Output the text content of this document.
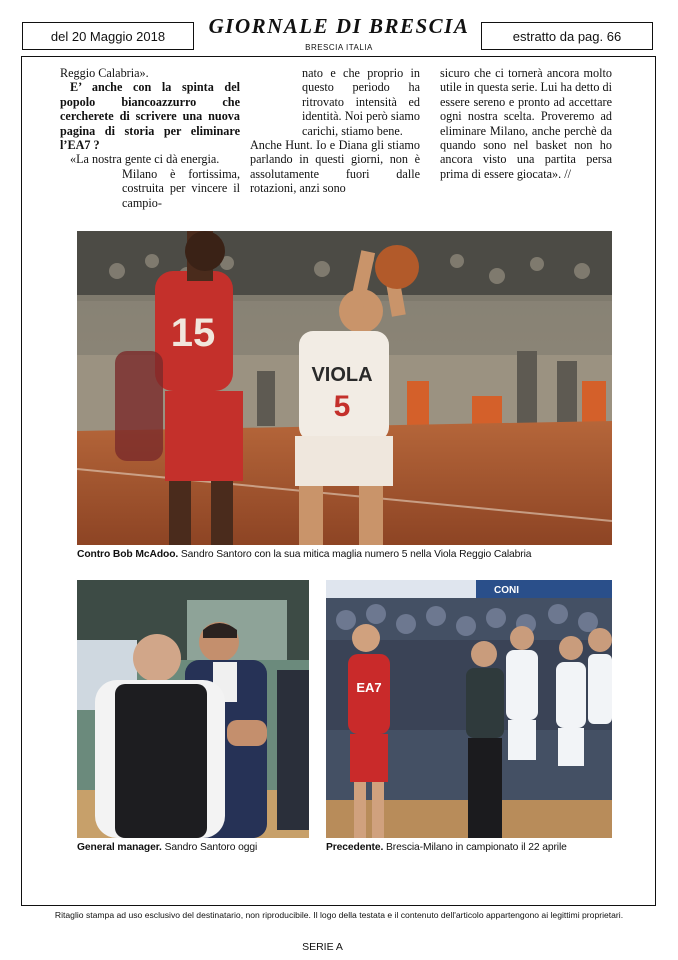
del 20 Maggio 2018	GIORNALE DI BRESCIA
BRESCIA ITALIA
estratto da pag. 66

Reggio Calabria».

E’ anche con la spinta del popolo biancoazzurro che cercherete di scrivere una nuova pagina di storia per eliminare l’EA7 ?

«La nostra gente ci dà energia.

Milano è fortissima, costruita per vincere il campio-

nato e che proprio in questo periodo ha ritrovato intensità ed identità. Noi però siamo carichi, stiamo bene.

Anche Hunt. Io e Diana gli stiamo parlando in questi giorni, non è assolutamente fuori dalle rotazioni, anzi sono

sicuro che ci tornerà ancora molto utile in questa serie. Lui ha detto di essere sereno e pronto ad accettare ogni nostra scelta. Proveremo ad eliminare Milano, anche perchè da quando sono nel basket non ho ancora visto una partita persa prima di essere giocata». //

15
VIOLA
5
Contro Bob McAdoo. Sandro Santoro con la sua mitica maglia numero 5 nella Viola Reggio Calabria
General manager. Sandro Santoro oggi
CONI
EA7
Precedente. Brescia-Milano in campionato il 22 aprile
Ritaglio stampa ad uso esclusivo del destinatario, non riproducibile. Il logo della testata e il contenuto dell'articolo appartengono ai legittimi proprietari.
SERIE A
